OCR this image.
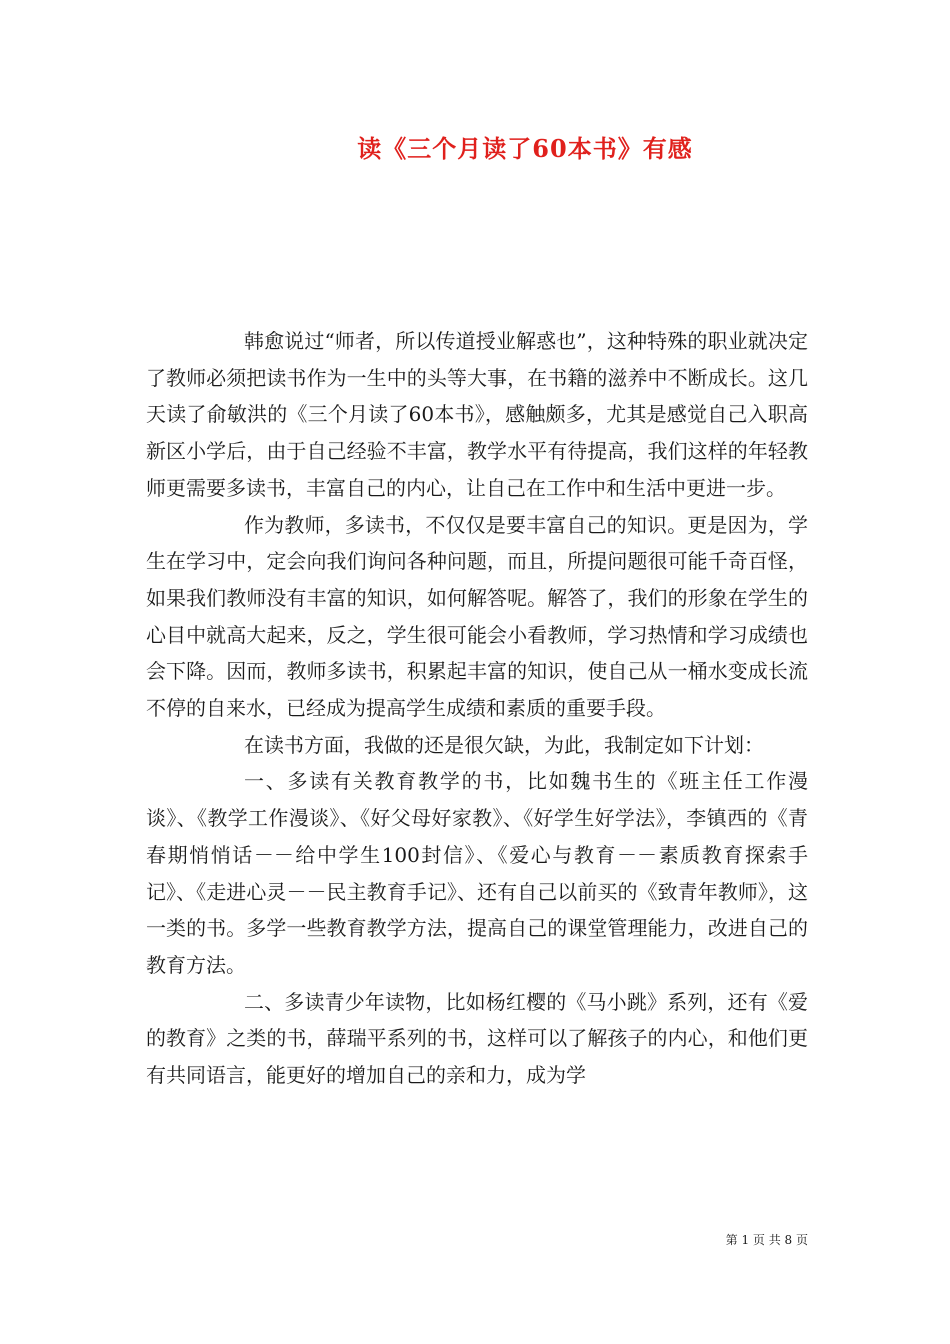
读《三个月读了60本书》有感

韩愈说过“师者，所以传道授业解惑也”，这种特殊的职业就决定了教师必须把读书作为一生中的头等大事，在书籍的滋养中不断成长。这几天读了俞敏洪的《三个月读了60本书》，感触颇多，尤其是感觉自己入职高新区小学后，由于自己经验不丰富，教学水平有待提高，我们这样的年轻教师更需要多读书，丰富自己的内心，让自己在工作中和生活中更进一步。

作为教师，多读书，不仅仅是要丰富自己的知识。更是因为，学生在学习中，定会向我们询问各种问题，而且，所提问题很可能千奇百怪，如果我们教师没有丰富的知识，如何解答呢。解答了，我们的形象在学生的心目中就高大起来，反之，学生很可能会小看教师，学习热情和学习成绩也会下降。因而，教师多读书，积累起丰富的知识，使自己从一桶水变成长流不停的自来水，已经成为提高学生成绩和素质的重要手段。

在读书方面，我做的还是很欠缺，为此，我制定如下计划：

一、多读有关教育教学的书，比如魏书生的《班主任工作漫谈》、《教学工作漫谈》、《好父母好家教》、《好学生好学法》，李镇西的《青春期悄悄话－－给中学生100封信》、《爱心与教育－－素质教育探索手记》、《走进心灵－－民主教育手记》、还有自己以前买的《致青年教师》，这一类的书。多学一些教育教学方法，提高自己的课堂管理能力，改进自己的教育方法。

二、多读青少年读物，比如杨红樱的《马小跳》系列，还有《爱的教育》之类的书，薛瑞平系列的书，这样可以了解孩子的内心，和他们更有共同语言，能更好的增加自己的亲和力，成为学

第 1 页 共 8 页
